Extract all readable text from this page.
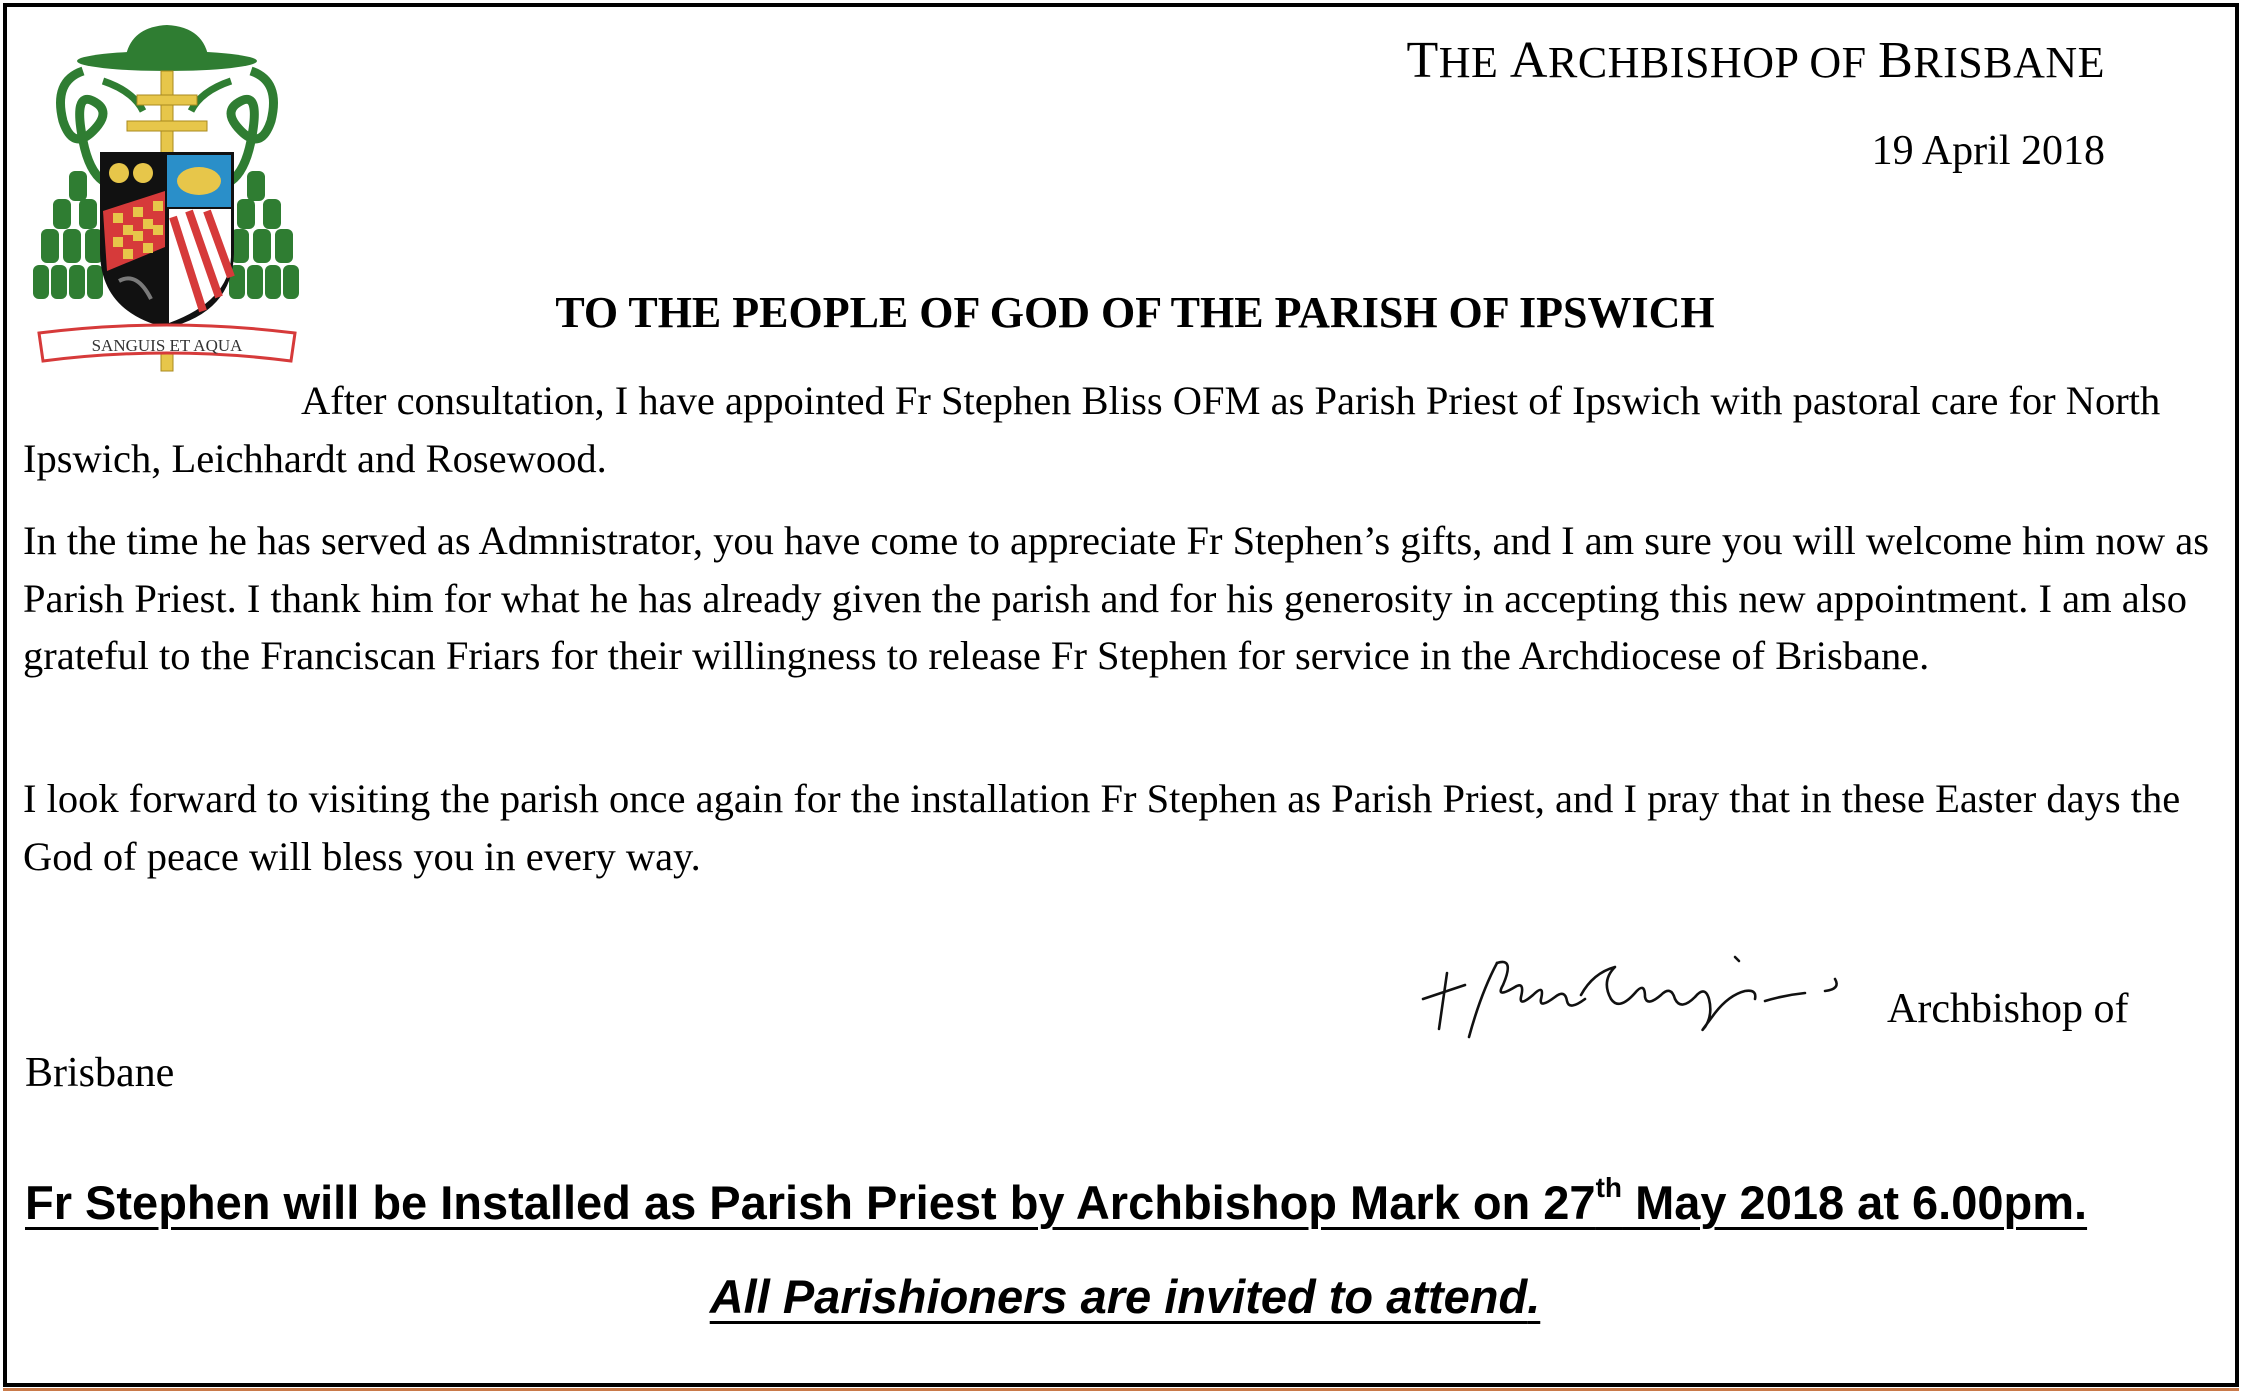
SANGUIS ET AQUA
THE ARCHBISHOP OF BRISBANE
19 April 2018
TO THE PEOPLE OF GOD OF THE PARISH OF IPSWICH
After consultation, I have appointed Fr Stephen Bliss OFM as Parish Priest of Ipswich with pastoral care for North Ipswich, Leichhardt and Rosewood.
In the time he has served as Admnistrator, you have come to appreciate Fr Stephen’s gifts, and I am sure you will welcome him now as Parish Priest. I thank him for what he has already given the parish and for his generosity in accepting this new appointment. I am also grateful to the Franciscan Friars for their willingness to release Fr Stephen for service in the Archdiocese of Brisbane.
I look forward to visiting the parish once again for the installation Fr Stephen as Parish Priest, and I pray that in these Easter days the God of peace will bless you in every way.
Archbishop of
Brisbane
Fr Stephen will be Installed as Parish Priest by Archbishop Mark on 27th May 2018 at 6.00pm.
All Parishioners are invited to attend.
